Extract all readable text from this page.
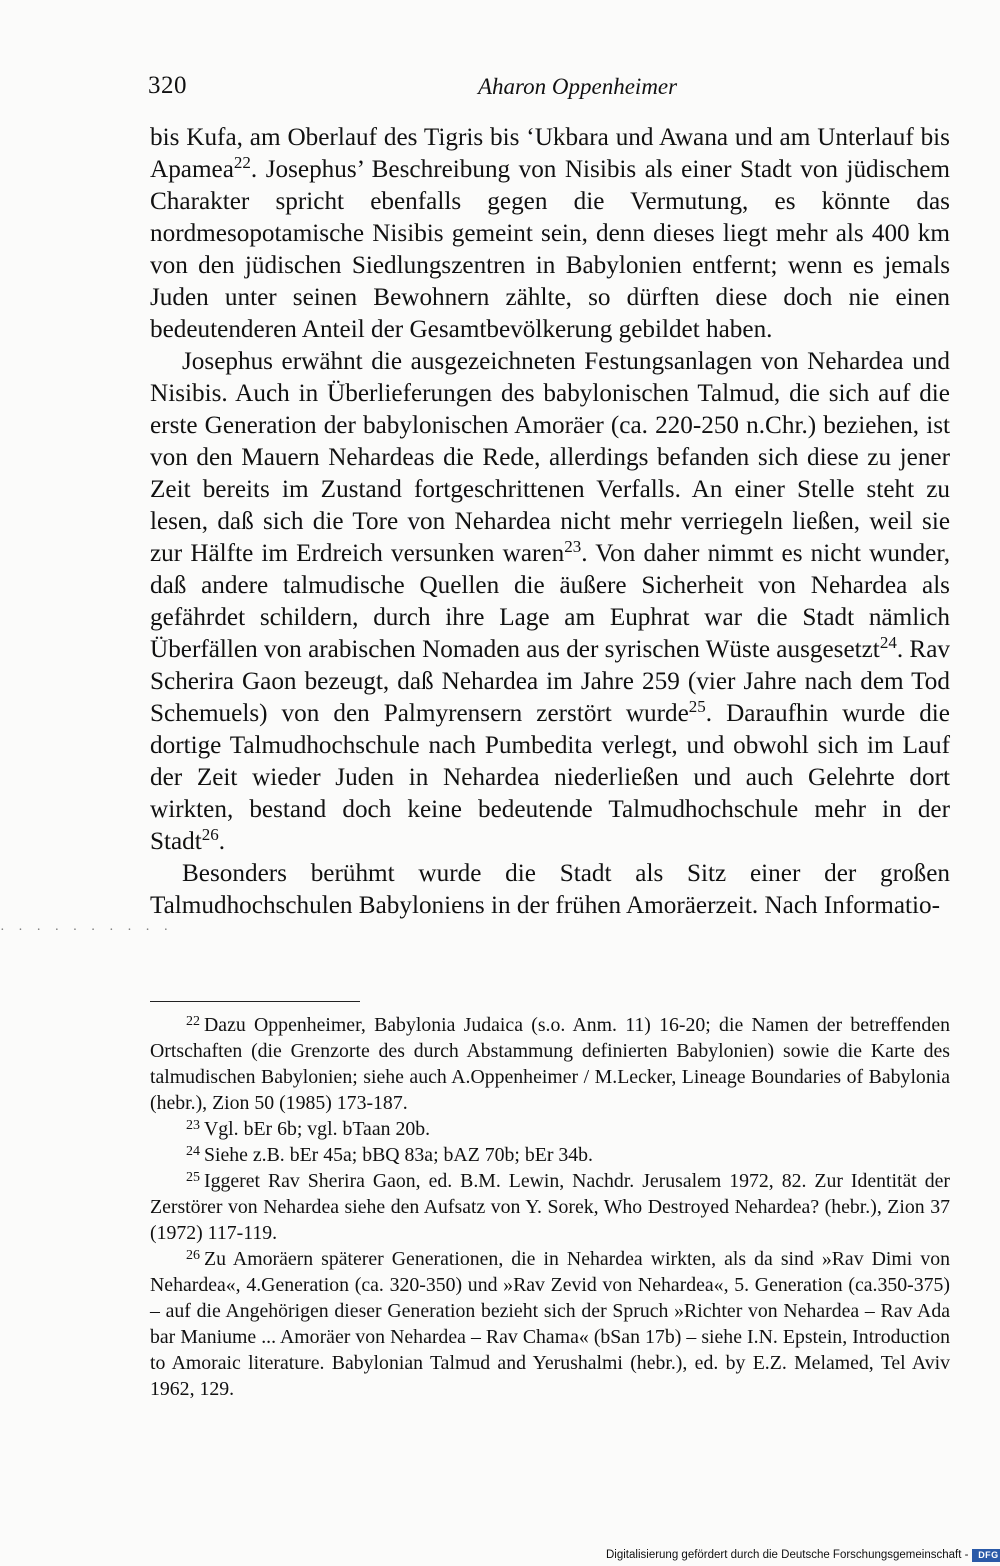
320	Aharon Oppenheimer

bis Kufa, am Oberlauf des Tigris bis ‘Ukbara und Awana und am Unterlauf bis Apamea$^{22}$. Josephus’ Beschreibung von Nisibis als einer Stadt von jüdischem Charakter spricht ebenfalls gegen die Vermutung, es könnte das nordmesopotamische Nisibis gemeint sein, denn dieses liegt mehr als 400 km von den jüdischen Siedlungszentren in Babylonien entfernt; wenn es jemals Juden unter seinen Bewohnern zählte, so dürften diese doch nie einen bedeutenderen Anteil der Gesamtbevölkerung gebildet haben.

Josephus erwähnt die ausgezeichneten Festungsanlagen von Nehardea und Nisibis. Auch in Überlieferungen des babylonischen Talmud, die sich auf die erste Generation der babylonischen Amoräer (ca. 220-250 n.Chr.) beziehen, ist von den Mauern Nehardeas die Rede, allerdings befanden sich diese zu jener Zeit bereits im Zustand fortgeschrittenen Verfalls. An einer Stelle steht zu lesen, daß sich die Tore von Nehardea nicht mehr verriegeln ließen, weil sie zur Hälfte im Erdreich versunken waren$^{23}$. Von daher nimmt es nicht wunder, daß andere talmudische Quellen die äußere Sicherheit von Nehardea als gefährdet schildern, durch ihre Lage am Euphrat war die Stadt nämlich Überfällen von arabischen Nomaden aus der syrischen Wüste ausgesetzt$^{24}$. Rav Scherira Gaon bezeugt, daß Nehardea im Jahre 259 (vier Jahre nach dem Tod Schemuels) von den Palmyrensern zerstört wurde$^{25}$. Daraufhin wurde die dortige Talmudhochschule nach Pumbedita verlegt, und obwohl sich im Lauf der Zeit wieder Juden in Nehardea niederließen und auch Gelehrte dort wirkten, bestand doch keine bedeutende Talmudhochschule mehr in der Stadt$^{26}$.

Besonders berühmt wurde die Stadt als Sitz einer der großen Talmudhochschulen Babyloniens in der frühen Amoräerzeit. Nach Informatio-

· · · · · · · · · ·

$^{22}$ Dazu Oppenheimer, Babylonia Judaica (s.o. Anm. 11) 16-20; die Namen der betreffenden Ortschaften (die Grenzorte des durch Abstammung definierten Babylonien) sowie die Karte des talmudischen Babylonien; siehe auch A.Oppenheimer / M.Lecker, Lineage Boundaries of Babylonia (hebr.), Zion 50 (1985) 173-187.

$^{23}$ Vgl. bEr 6b; vgl. bTaan 20b.

$^{24}$ Siehe z.B. bEr 45a; bBQ 83a; bAZ 70b; bEr 34b.

$^{25}$ Iggeret Rav Sherira Gaon, ed. B.M. Lewin, Nachdr. Jerusalem 1972, 82. Zur Identität der Zerstörer von Nehardea siehe den Aufsatz von Y. Sorek, Who Destroyed Nehardea? (hebr.), Zion 37 (1972) 117-119.

$^{26}$ Zu Amoräern späterer Generationen, die in Nehardea wirkten, als da sind »Rav Dimi von Nehardea«, 4.Generation (ca. 320-350) und »Rav Zevid von Nehardea«, 5. Generation (ca.350-375) – auf die Angehörigen dieser Generation bezieht sich der Spruch »Richter von Nehardea – Rav Ada bar Maniume ... Amoräer von Nehardea – Rav Chama« (bSan 17b) – siehe I.N. Epstein, Introduction to Amoraic literature. Babylonian Talmud and Yerushalmi (hebr.), ed. by E.Z. Melamed, Tel Aviv 1962, 129.

Digitalisierung gefördert durch die Deutsche Forschungsgemeinschaft -	DFG
